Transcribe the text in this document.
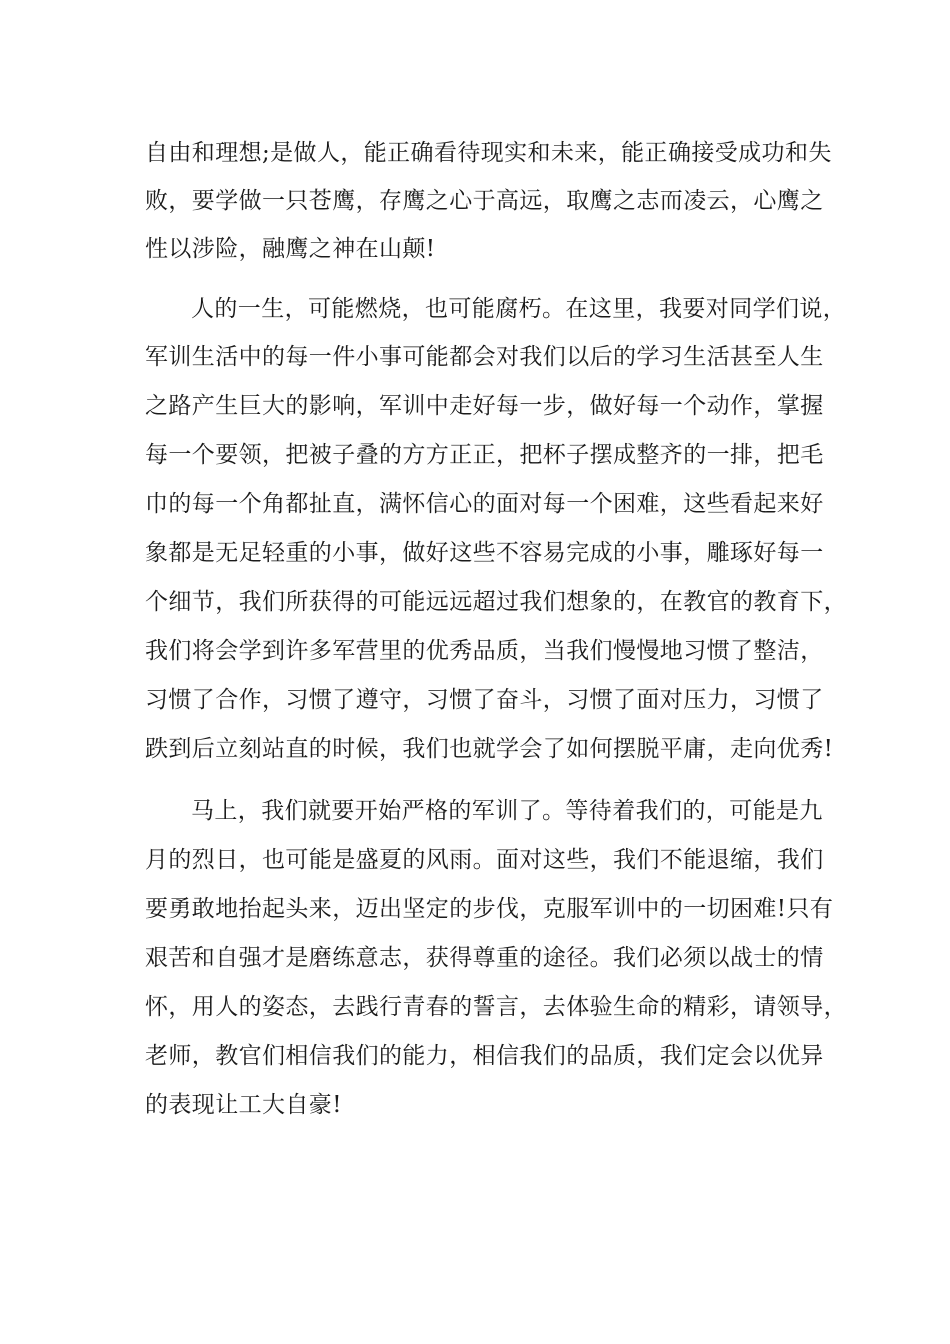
自由和理想;是做人，能正确看待现实和未来，能正确接受成功和失
败，要学做一只苍鹰，存鹰之心于高远，取鹰之志而凌云，心鹰之
性以涉险，融鹰之神在山颠!
人的一生，可能燃烧，也可能腐朽。在这里，我要对同学们说，
军训生活中的每一件小事可能都会对我们以后的学习生活甚至人生
之路产生巨大的影响，军训中走好每一步，做好每一个动作，掌握
每一个要领，把被子叠的方方正正，把杯子摆成整齐的一排，把毛
巾的每一个角都扯直，满怀信心的面对每一个困难，这些看起来好
象都是无足轻重的小事，做好这些不容易完成的小事，雕琢好每一
个细节，我们所获得的可能远远超过我们想象的，在教官的教育下，
我们将会学到许多军营里的优秀品质，当我们慢慢地习惯了整洁，
习惯了合作，习惯了遵守，习惯了奋斗，习惯了面对压力，习惯了
跌到后立刻站直的时候，我们也就学会了如何摆脱平庸，走向优秀!
马上，我们就要开始严格的军训了。等待着我们的，可能是九
月的烈日，也可能是盛夏的风雨。面对这些，我们不能退缩，我们
要勇敢地抬起头来，迈出坚定的步伐，克服军训中的一切困难!只有
艰苦和自强才是磨练意志，获得尊重的途径。我们必须以战士的情
怀，用人的姿态，去践行青春的誓言，去体验生命的精彩，请领导，
老师，教官们相信我们的能力，相信我们的品质，我们定会以优异
的表现让工大自豪!
